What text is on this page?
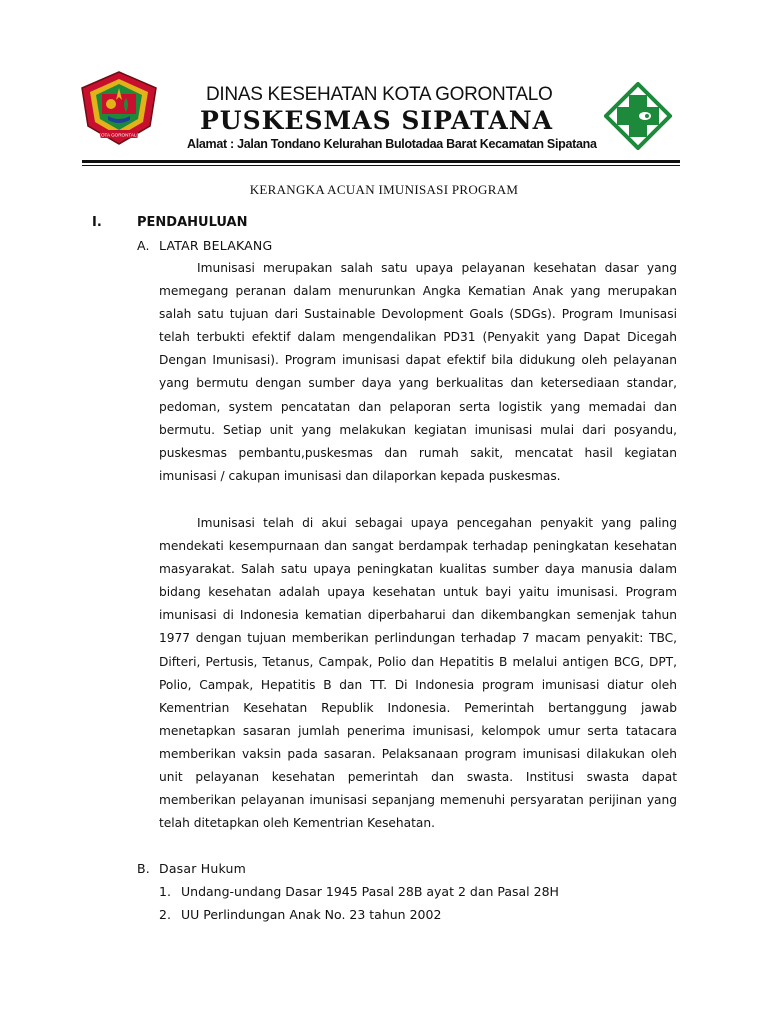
KOTA GORONTALO
DINAS KESEHATAN KOTA GORONTALO
PUSKESMAS SIPATANA
Alamat : Jalan Tondano Kelurahan Bulotadaa Barat Kecamatan Sipatana
KERANGKA ACUAN IMUNISASI PROGRAM
I.	PENDAHULUAN
A. LATAR BELAKANG
Imunisasi merupakan salah satu upaya pelayanan kesehatan dasar yang memegang peranan dalam menurunkan Angka Kematian Anak yang merupakan salah satu tujuan dari Sustainable Devolopment Goals (SDGs). Program Imunisasi telah terbukti efektif dalam mengendalikan PD31 (Penyakit yang Dapat Dicegah Dengan Imunisasi). Program imunisasi dapat efektif bila didukung oleh pelayanan yang bermutu dengan sumber daya yang berkualitas dan ketersediaan standar, pedoman, system pencatatan dan pelaporan serta logistik yang memadai dan bermutu. Setiap unit yang melakukan kegiatan imunisasi mulai dari posyandu, puskesmas pembantu,puskesmas dan rumah sakit, mencatat hasil kegiatan imunisasi / cakupan imunisasi dan dilaporkan kepada puskesmas.
Imunisasi telah di akui sebagai upaya pencegahan penyakit yang paling mendekati kesempurnaan dan sangat berdampak terhadap peningkatan kesehatan masyarakat. Salah satu upaya peningkatan kualitas sumber daya manusia dalam bidang kesehatan adalah upaya kesehatan untuk bayi yaitu imunisasi. Program imunisasi di Indonesia kematian diperbaharui dan dikembangkan semenjak tahun 1977 dengan tujuan memberikan perlindungan terhadap 7 macam penyakit: TBC, Difteri, Pertusis, Tetanus, Campak, Polio dan Hepatitis B melalui antigen BCG, DPT, Polio, Campak, Hepatitis B dan TT. Di Indonesia program imunisasi diatur oleh Kementrian Kesehatan Republik Indonesia. Pemerintah bertanggung jawab menetapkan sasaran jumlah penerima imunisasi, kelompok umur serta tatacara memberikan vaksin pada sasaran. Pelaksanaan program imunisasi dilakukan oleh unit pelayanan kesehatan pemerintah dan swasta. Institusi swasta dapat memberikan pelayanan imunisasi sepanjang memenuhi persyaratan perijinan yang telah ditetapkan oleh Kementrian Kesehatan.
B. Dasar Hukum
1. Undang-undang Dasar 1945 Pasal 28B ayat 2 dan Pasal 28H
2. UU Perlindungan Anak No. 23 tahun 2002
